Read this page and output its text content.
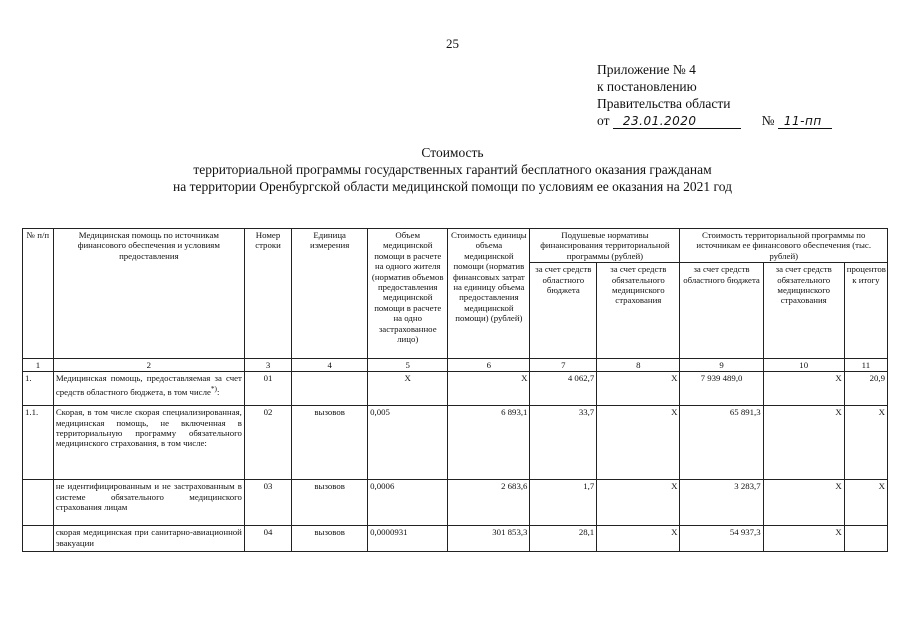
25
Приложение № 4
к постановлению
Правительства области
от 23.01.2020	№ 11-пп
Стоимость
территориальной программы государственных гарантий бесплатного оказания гражданам
на территории Оренбургской области медицинской помощи по условиям ее оказания на 2021 год
№ п/п	Медицинская помощь по источникам финансового обеспечения и условиям предоставления	Номер строки	Единица измерения	Объем медицинской помощи в расчете на одного жителя (норматив объемов предоставления медицинской помощи в расчете на одно застрахованное лицо)	Стоимость единицы объема медицинской помощи (норматив финансовых затрат на единицу объема предоставления медицинской помощи) (рублей)	Подушевые нормативы финансирования территориальной программы (рублей)		Стоимость территориальной программы по источникам ее финансового обеспечения (тыс. рублей)		
						за счет средств областного бюджета	за счет средств обязательного медицинского страхования	за счет средств областного бюджета	за счет средств обязательного медицинского страхования	процентов к итогу
1	2	3	4	5	6	7	8	9	10	11
1.	Медицинская помощь, предоставляемая за счет средств областного бюджета, в том числе*):	01		X	X	4 062,7	X	7 939 489,0	X	20,9
1.1.	Скорая, в том числе скорая специализированная, медицинская помощь, не включенная в территориальную программу обязательного медицинского страхования, в том числе:	02	вызовов	0,005	6 893,1	33,7	X	65 891,3	X	X
	не идентифицированным и не застрахованным в системе обязательного медицинского страхования лицам	03	вызовов	0,0006	2 683,6	1,7	X	3 283,7	X	X
	скорая медицинская при санитарно-авиационной эвакуации	04	вызовов	0,0000931	301 853,3	28,1	X	54 937,3	X	
